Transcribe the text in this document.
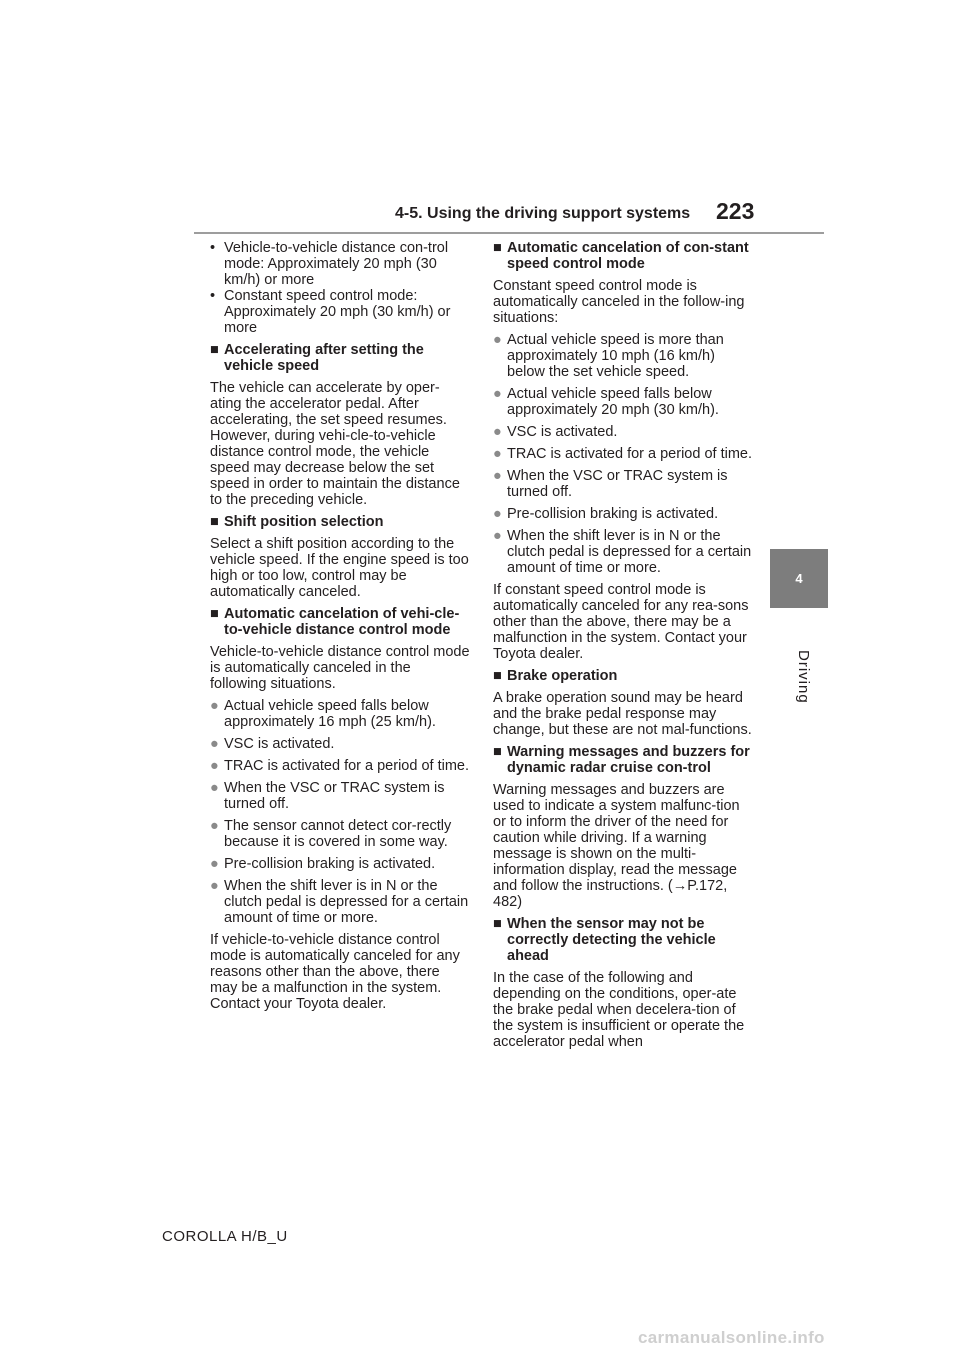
4-5. Using the driving support systems 223
4
Driving
• Vehicle-to-vehicle distance con-trol mode: Approximately 20 mph (30 km/h) or more
• Constant speed control mode: Approximately 20 mph (30 km/h) or more
■ Accelerating after setting the vehicle speed

The vehicle can accelerate by oper-ating the accelerator pedal. After accelerating, the set speed resumes. However, during vehi-cle-to-vehicle distance control mode, the vehicle speed may decrease below the set speed in order to maintain the distance to the preceding vehicle.

■ Shift position selection

Select a shift position according to the vehicle speed. If the engine speed is too high or too low, control may be automatically canceled.

■ Automatic cancelation of vehi-cle-to-vehicle distance control mode

Vehicle-to-vehicle distance control mode is automatically canceled in the following situations.

● Actual vehicle speed falls below approximately 16 mph (25 km/h).
● VSC is activated.
● TRAC is activated for a period of time.
● When the VSC or TRAC system is turned off.
● The sensor cannot detect cor-rectly because it is covered in some way.
● Pre-collision braking is activated.
● When the shift lever is in N or the clutch pedal is depressed for a certain amount of time or more.

If vehicle-to-vehicle distance control mode is automatically canceled for any reasons other than the above, there may be a malfunction in the system. Contact your Toyota dealer.

■ Automatic cancelation of con-stant speed control mode

Constant speed control mode is automatically canceled in the follow-ing situations:

● Actual vehicle speed is more than approximately 10 mph (16 km/h) below the set vehicle speed.
● Actual vehicle speed falls below approximately 20 mph (30 km/h).
● VSC is activated.
● TRAC is activated for a period of time.
● When the VSC or TRAC system is turned off.
● Pre-collision braking is activated.
● When the shift lever is in N or the clutch pedal is depressed for a certain amount of time or more.

If constant speed control mode is automatically canceled for any rea-sons other than the above, there may be a malfunction in the system. Contact your Toyota dealer.

■ Brake operation

A brake operation sound may be heard and the brake pedal response may change, but these are not mal-functions.

■ Warning messages and buzzers for dynamic radar cruise con-trol

Warning messages and buzzers are used to indicate a system malfunc-tion or to inform the driver of the need for caution while driving. If a warning message is shown on the multi-information display, read the message and follow the instructions. (→P.172, 482)

■ When the sensor may not be correctly detecting the vehicle ahead

In the case of the following and depending on the conditions, oper-ate the brake pedal when decelera-tion of the system is insufficient or operate the accelerator pedal when

COROLLA H/B_U
carmanualsonline.info
